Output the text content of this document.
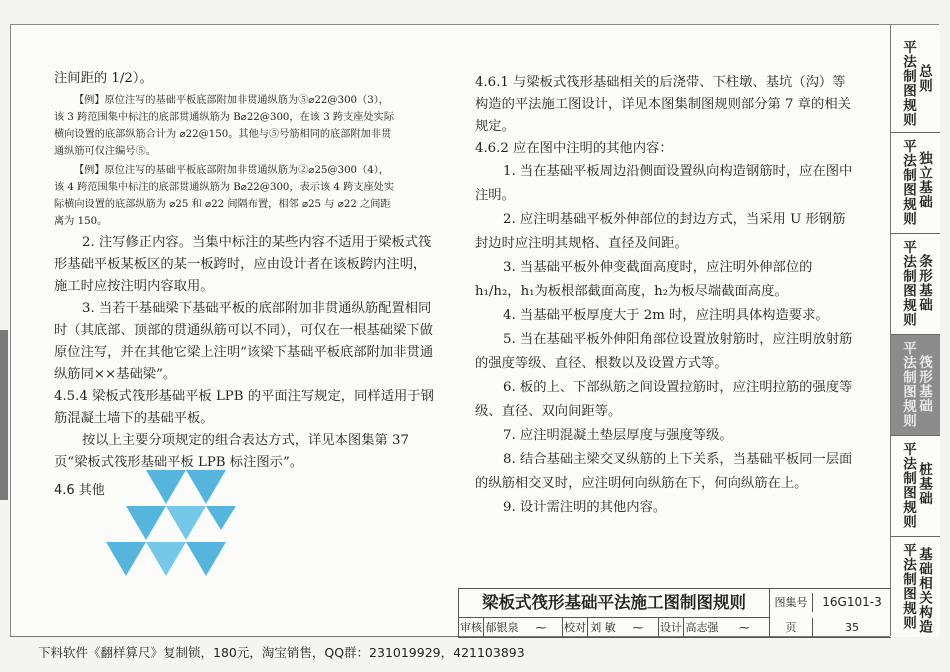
注间距的 1/2）。

【例】原位注写的基础平板底部附加非贯通纵筋为⑤⌀22@300（3），

该 3 跨范围集中标注的底部贯通纵筋为 B⌀22@300，在该 3 跨支座处实际

横向设置的底部纵筋合计为 ⌀22@150。其他与⑤号筋相同的底部附加非贯

通纵筋可仅注编号⑤。

【例】原位注写的基础平板底部附加非贯通纵筋为②⌀25@300（4），

该 4 跨范围集中标注的底部贯通纵筋为 B⌀22@300，表示该 4 跨支座处实

际横向设置的底部纵筋为 ⌀25 和 ⌀22 间隔布置，相邻 ⌀25 与 ⌀22 之间距

离为 150。

2. 注写修正内容。当集中标注的某些内容不适用于梁板式筏形基础平板某板区的某一板跨时，应由设计者在该板跨内注明，施工时应按注明内容取用。

3. 当若干基础梁下基础平板的底部附加非贯通纵筋配置相同时（其底部、顶部的贯通纵筋可以不同），可仅在一根基础梁下做原位注写，并在其他它梁上注明“该梁下基础平板底部附加非贯通纵筋同××基础梁”。

4.5.4 梁板式筏形基础平板 LPB 的平面注写规定，同样适用于钢筋混凝土墙下的基础平板。

按以上主要分项规定的组合表达方式，详见本图集第 37 页“梁板式筏形基础平板 LPB 标注图示”。

4.6 其他

4.6.1 与梁板式筏形基础相关的后浇带、下柱墩、基坑（沟）等构造的平法施工图设计，详见本图集制图规则部分第 7 章的相关规定。

4.6.2 应在图中注明的其他内容：

1. 当在基础平板周边沿侧面设置纵向构造钢筋时，应在图中注明。

2. 应注明基础平板外伸部位的封边方式，当采用 U 形钢筋封边时应注明其规格、直径及间距。

3. 当基础平板外伸变截面高度时，应注明外伸部位的 h₁/h₂，h₁为板根部截面高度，h₂为板尽端截面高度。

4. 当基础平板厚度大于 2m 时，应注明具体构造要求。

5. 当在基础平板外伸阳角部位设置放射筋时，应注明放射筋的强度等级、直径、根数以及设置方式等。

6. 板的上、下部纵筋之间设置拉筋时，应注明拉筋的强度等级、直径、双向间距等。

7. 应注明混凝土垫层厚度与强度等级。

8. 结合基础主梁交叉纵筋的上下关系，当基础平板同一层面的纵筋相交叉时，应注明何向纵筋在下，何向纵筋在上。

9. 设计需注明的其他内容。

平法制图规则 总则
平法制图规则 独立基础
平法制图规则 条形基础
平法制图规则 筏形基础
平法制图规则 桩基础
平法制图规则 基础相关构造
梁板式筏形基础平法施工图制图规则	图集号	16G101-3
审核 郁银泉	⁓	校对 刘 敏	⁓	设计 高志强	⁓	页	35
下料软件《翻样算尺》复制锁，180元，淘宝销售，QQ群：231019929，421103893
